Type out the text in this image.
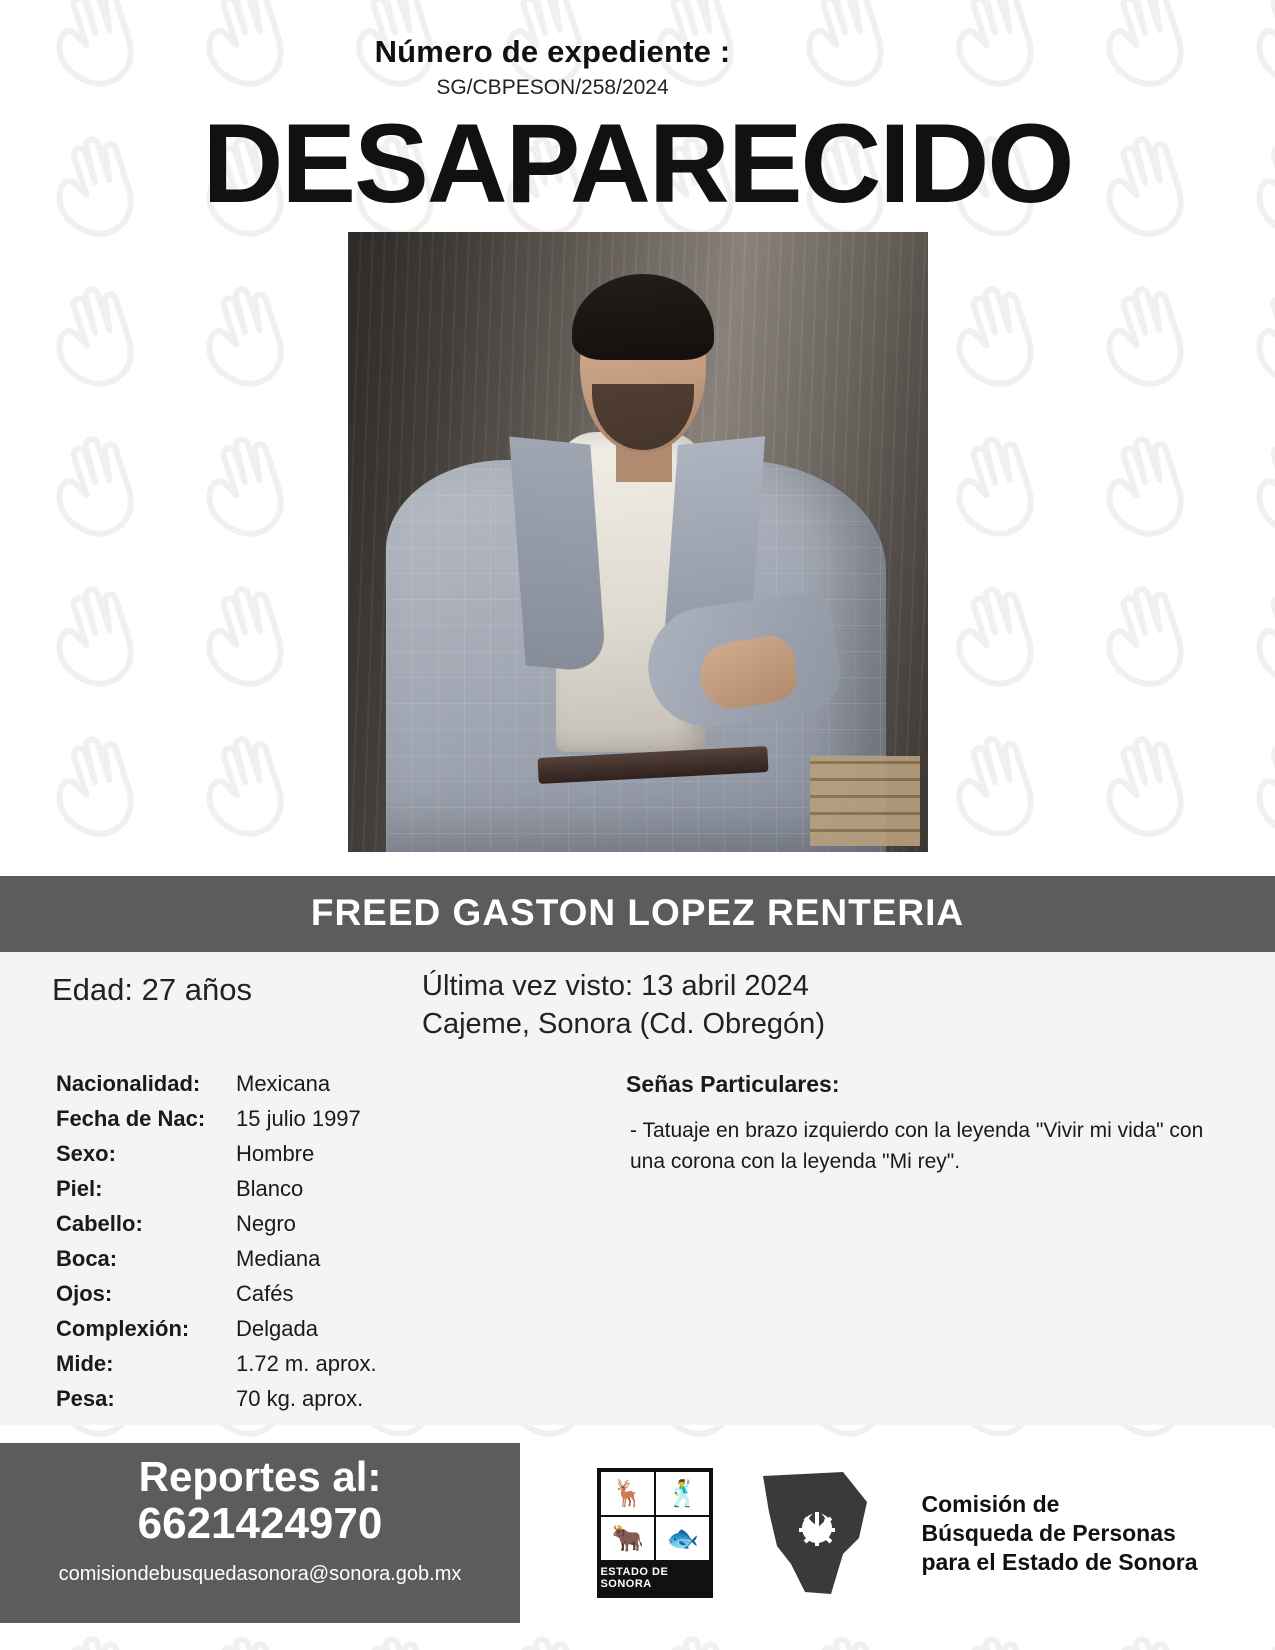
Número de expediente :
SG/CBPESON/258/2024
DESAPARECIDO
FREED GASTON LOPEZ RENTERIA
Edad: 27 años	Última vez visto: 13 abril 2024
Cajeme, Sonora (Cd. Obregón)
Nacionalidad:	Mexicana
Fecha de Nac:	15 julio 1997
Sexo:	Hombre
Piel:	Blanco
Cabello:	Negro
Boca:	Mediana
Ojos:	Cafés
Complexión:	Delgada
Mide:	1.72 m. aprox.
Pesa:	70 kg. aprox.
Señas Particulares:
- Tatuaje en brazo izquierdo con la leyenda "Vivir mi vida" con una corona con la leyenda "Mi rey".
Reportes al:
6621424970
comisiondebusquedasonora@sonora.gob.mx
🦌 🕺
🐂 🐟
ESTADO DE SONORA
Comisión de
Búsqueda de Personas
para el Estado de Sonora
